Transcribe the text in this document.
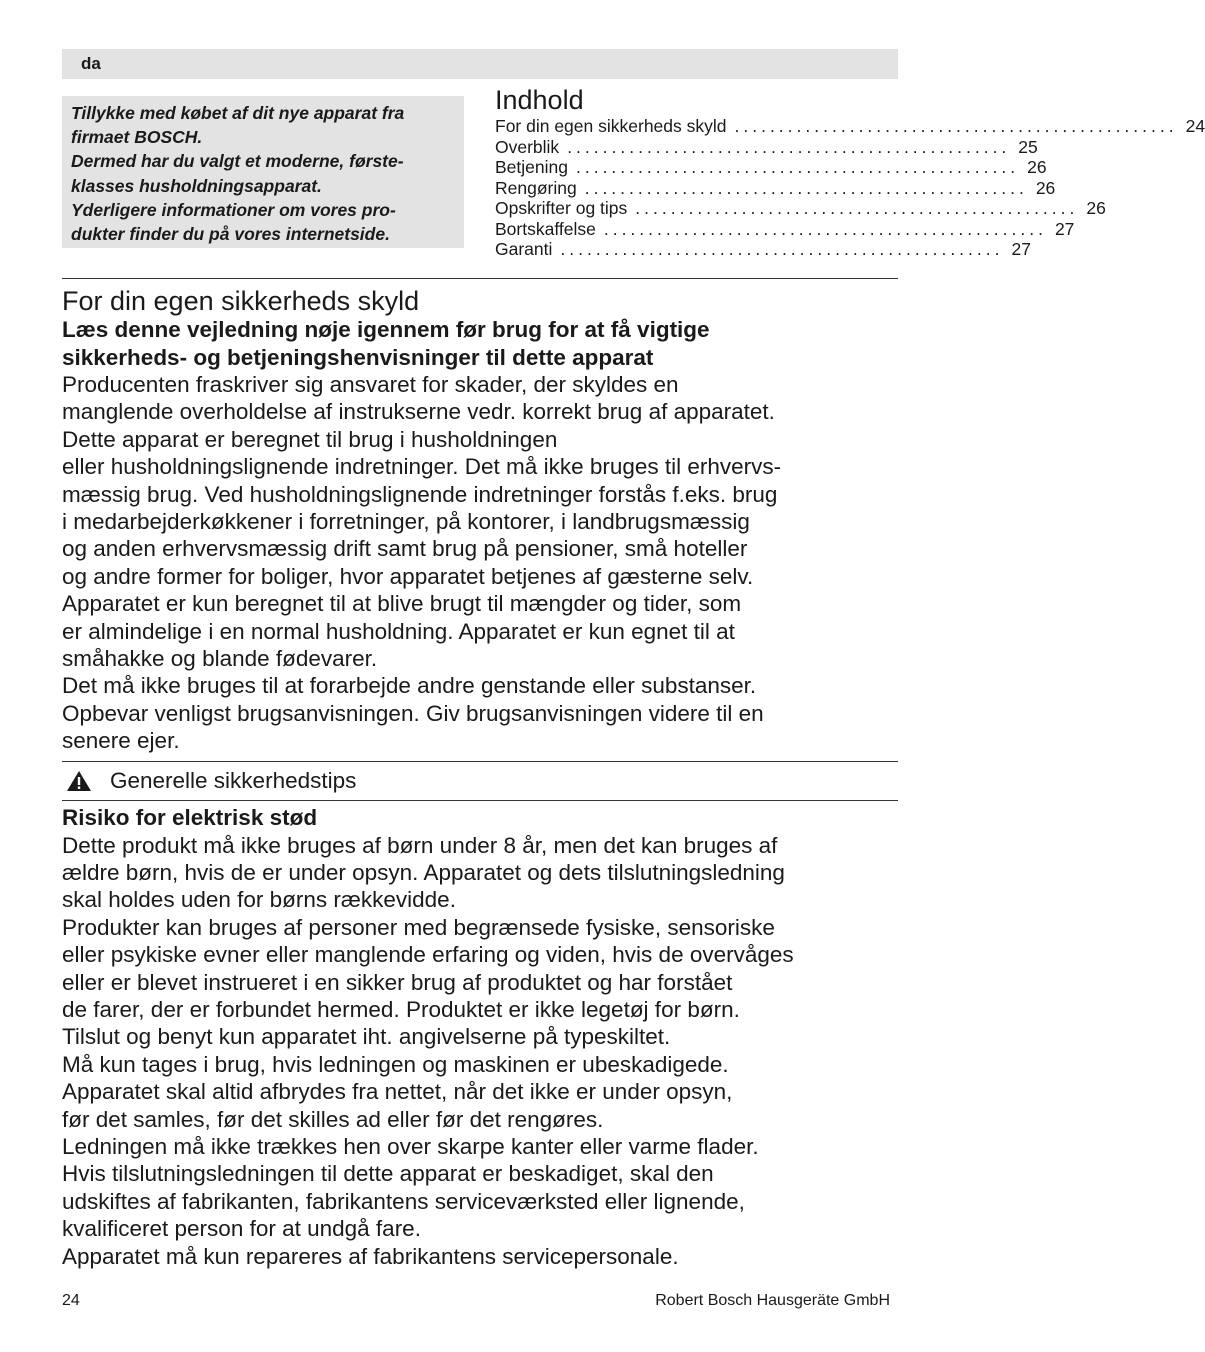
da
Tillykke med købet af dit nye apparat fra
firmaet BOSCH.
Dermed har du valgt et moderne, første-
klasses husholdningsapparat.
Yderligere informationer om vores pro-
dukter finder du på vores internetside.
Indhold
For din egen sikkerheds skyld .................................................. 24
Overblik .................................................. 25
Betjening .................................................. 26
Rengøring .................................................. 26
Opskrifter og tips .................................................. 26
Bortskaffelse .................................................. 27
Garanti .................................................. 27
For din egen sikkerheds skyld

Læs denne vejledning nøje igennem før brug for at få vigtige
sikkerheds- og betjeningshenvisninger til dette apparat

Producenten fraskriver sig ansvaret for skader, der skyldes en
manglende overholdelse af instrukserne vedr. korrekt brug af apparatet.
Dette apparat er beregnet til brug i husholdningen
eller husholdningslignende indretninger. Det må ikke bruges til erhvervs-
mæssig brug. Ved husholdningslignende indretninger forstås f.eks. brug
i medarbejderkøkkener i forretninger, på kontorer, i landbrugsmæssig
og anden erhvervsmæssig drift samt brug på pensioner, små hoteller
og andre former for boliger, hvor apparatet betjenes af gæsterne selv.
Apparatet er kun beregnet til at blive brugt til mængder og tider, som
er almindelige i en normal husholdning. Apparatet er kun egnet til at
småhakke og blande fødevarer.
Det må ikke bruges til at forarbejde andre genstande eller substanser.
Opbevar venligst brugsanvisningen. Giv brugsanvisningen videre til en
senere ejer.

Generelle sikkerhedstips

Risiko for elektrisk stød

Dette produkt må ikke bruges af børn under 8 år, men det kan bruges af
ældre børn, hvis de er under opsyn. Apparatet og dets tilslutningsledning
skal holdes uden for børns rækkevidde.
Produkter kan bruges af personer med begrænsede fysiske, sensoriske
eller psykiske evner eller manglende erfaring og viden, hvis de overvåges
eller er blevet instrueret i en sikker brug af produktet og har forstået
de farer, der er forbundet hermed. Produktet er ikke legetøj for børn.
Tilslut og benyt kun apparatet iht. angivelserne på typeskiltet.
Må kun tages i brug, hvis ledningen og maskinen er ubeskadigede.
Apparatet skal altid afbrydes fra nettet, når det ikke er under opsyn,
før det samles, før det skilles ad eller før det rengøres.
Ledningen må ikke trækkes hen over skarpe kanter eller varme flader.
Hvis tilslutningsledningen til dette apparat er beskadiget, skal den
udskiftes af fabrikanten, fabrikantens serviceværksted eller lignende,
kvalificeret person for at undgå fare.
Apparatet må kun repareres af fabrikantens servicepersonale.

24	Robert Bosch Hausgeräte GmbH
